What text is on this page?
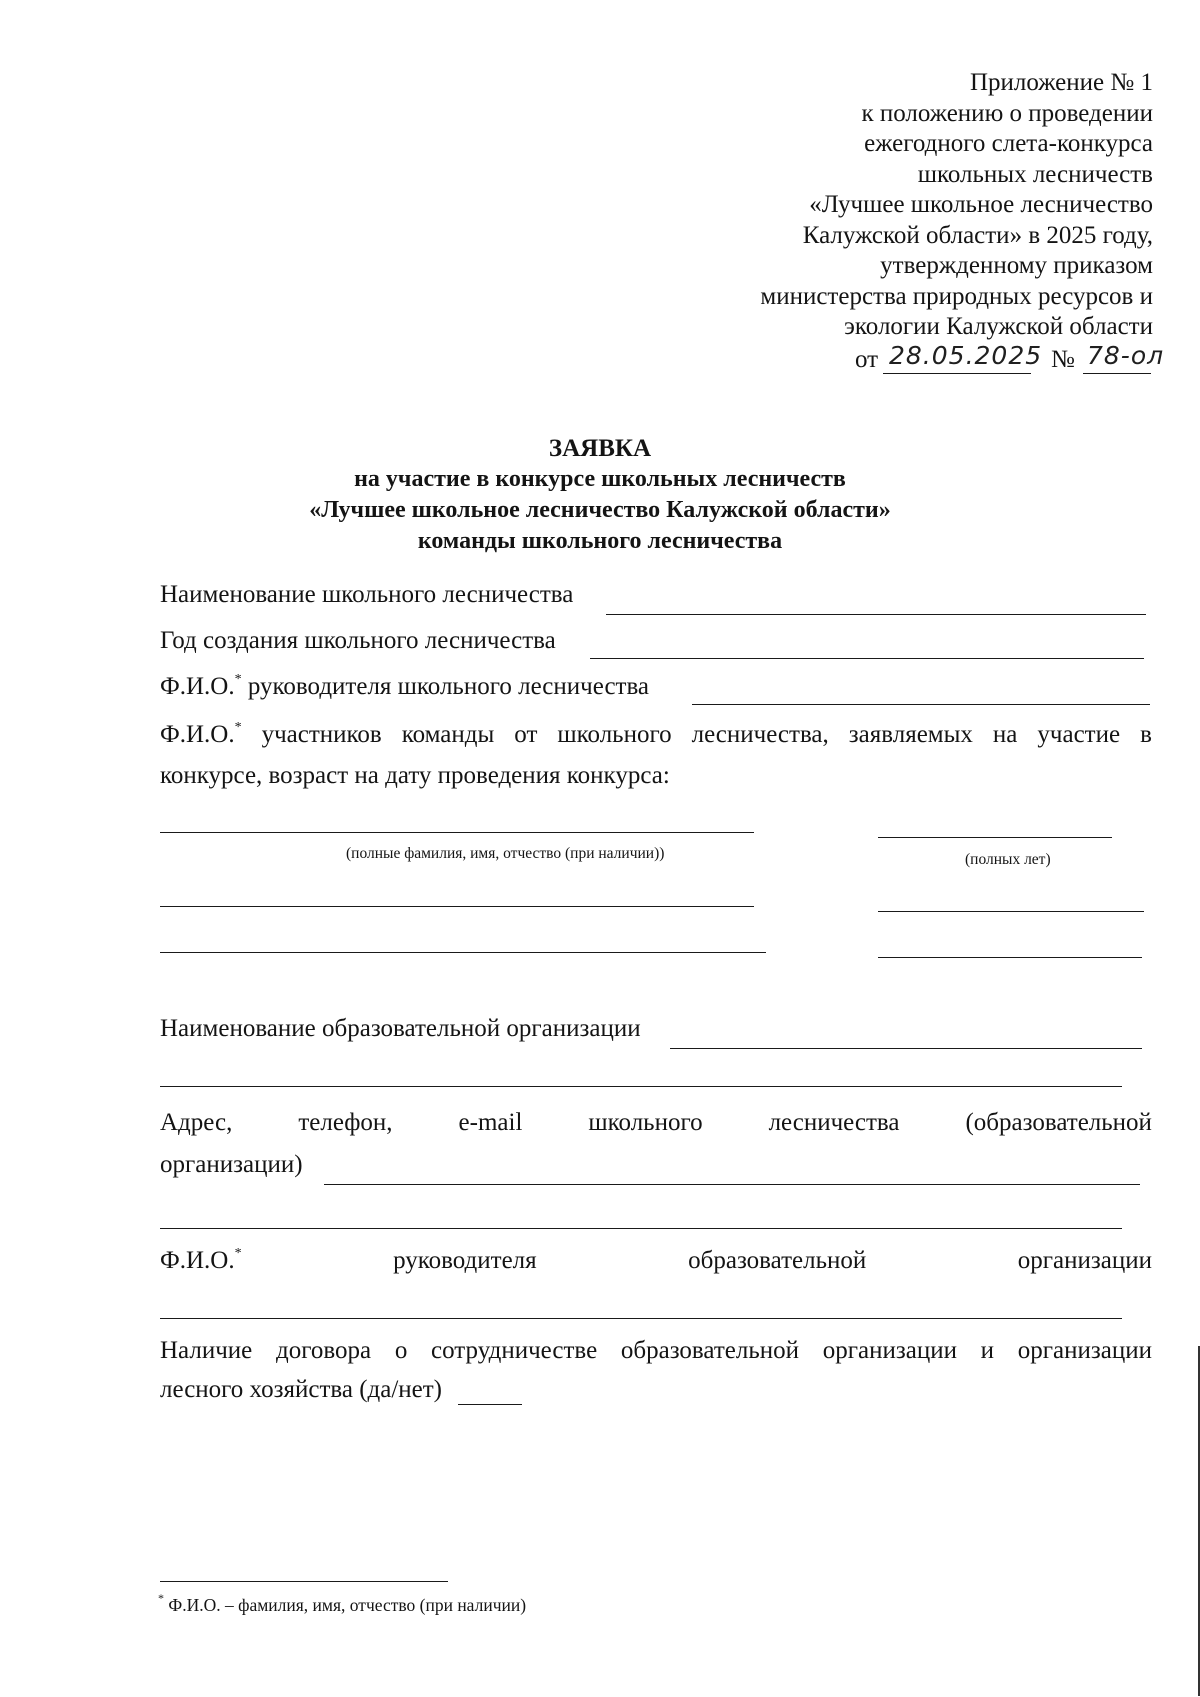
Приложение № 1
к положению о проведении
ежегодного слета-конкурса
школьных лесничеств
«Лучшее школьное лесничество
Калужской области» в 2025 году,
утвержденному приказом
министерства природных ресурсов и
экологии Калужской области
от 28.05.2025 № 78-ол
ЗАЯВКА
на участие в конкурсе школьных лесничеств
«Лучшее школьное лесничество Калужской области»
команды школьного лесничества
Наименование школьного лесничества
Год создания школьного лесничества
Ф.И.О.* руководителя школьного лесничества
Ф.И.О.* участников команды от школьного лесничества, заявляемых на участие в
конкурсе, возраст на дату проведения конкурса:
(полные фамилия, имя, отчество (при наличии))	(полных лет)
Наименование образовательной организации
Адрес,	телефон,	e-mail	школьного	лесничества	(образовательной
организации)
Ф.И.О.*	руководителя	образовательной	организации
Наличие договора о сотрудничестве образовательной организации и организации
лесного хозяйства (да/нет)
* Ф.И.О. – фамилия, имя, отчество (при наличии)
